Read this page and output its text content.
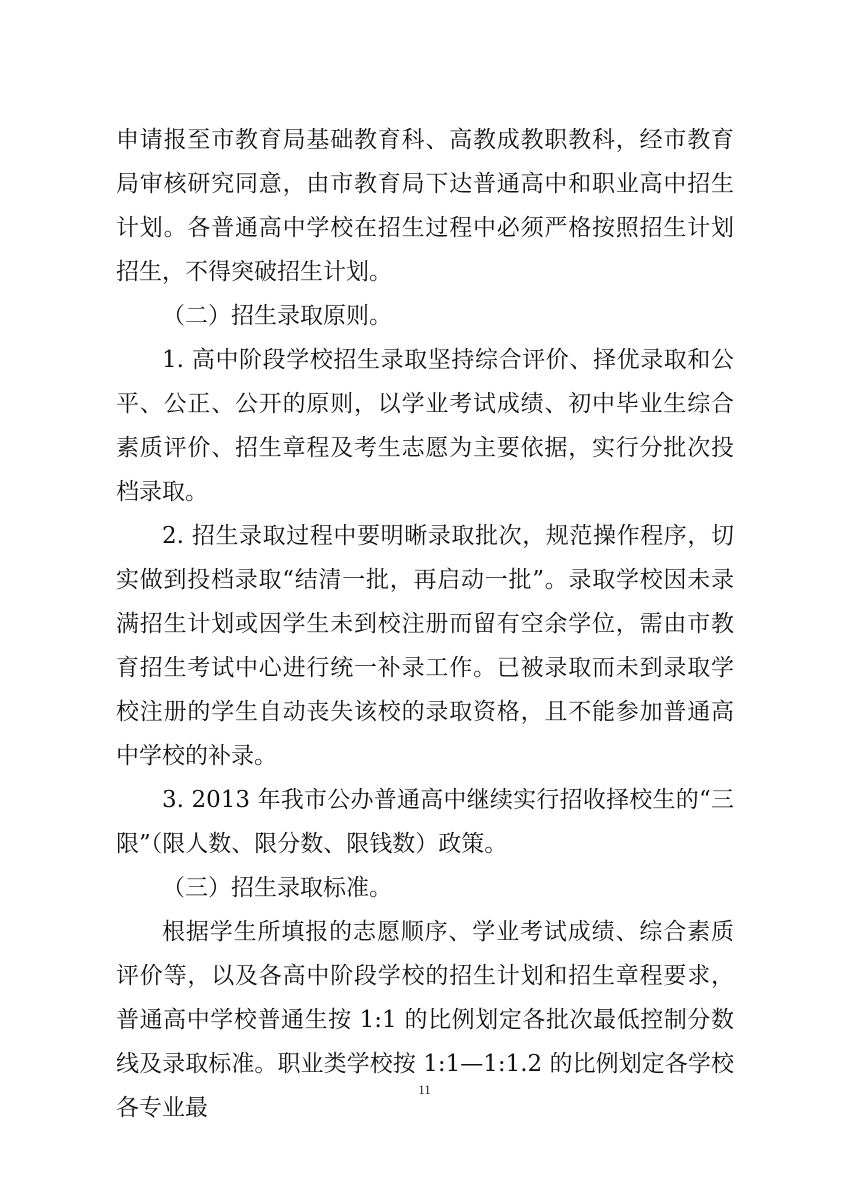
申请报至市教育局基础教育科、高教成教职教科，经市教育局审核研究同意，由市教育局下达普通高中和职业高中招生计划。各普通高中学校在招生过程中必须严格按照招生计划招生，不得突破招生计划。

（二）招生录取原则。

1. 高中阶段学校招生录取坚持综合评价、择优录取和公平、公正、公开的原则，以学业考试成绩、初中毕业生综合素质评价、招生章程及考生志愿为主要依据，实行分批次投档录取。

2. 招生录取过程中要明晰录取批次，规范操作程序，切实做到投档录取“结清一批，再启动一批”。录取学校因未录满招生计划或因学生未到校注册而留有空余学位，需由市教育招生考试中心进行统一补录工作。已被录取而未到录取学校注册的学生自动丧失该校的录取资格，且不能参加普通高中学校的补录。

3. 2013 年我市公办普通高中继续实行招收择校生的“三限”（限人数、限分数、限钱数）政策。

（三）招生录取标准。

根据学生所填报的志愿顺序、学业考试成绩、综合素质评价等，以及各高中阶段学校的招生计划和招生章程要求，普通高中学校普通生按 1:1 的比例划定各批次最低控制分数线及录取标准。职业类学校按 1:1—1:1.2 的比例划定各学校各专业最

11
